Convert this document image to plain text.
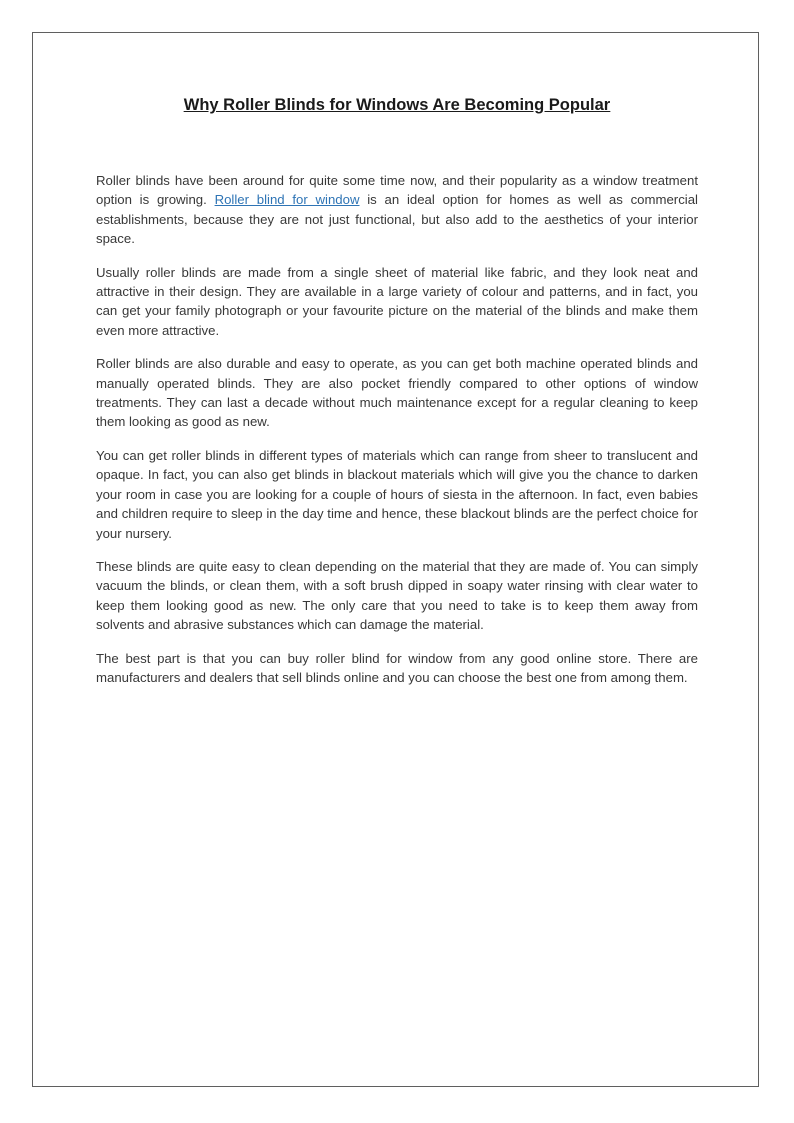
Why Roller Blinds for Windows Are Becoming Popular

Roller blinds have been around for quite some time now, and their popularity as a window treatment option is growing. Roller blind for window is an ideal option for homes as well as commercial establishments, because they are not just functional, but also add to the aesthetics of your interior space.

Usually roller blinds are made from a single sheet of material like fabric, and they look neat and attractive in their design. They are available in a large variety of colour and patterns, and in fact, you can get your family photograph or your favourite picture on the material of the blinds and make them even more attractive.

Roller blinds are also durable and easy to operate, as you can get both machine operated blinds and manually operated blinds. They are also pocket friendly compared to other options of window treatments. They can last a decade without much maintenance except for a regular cleaning to keep them looking as good as new.

You can get roller blinds in different types of materials which can range from sheer to translucent and opaque. In fact, you can also get blinds in blackout materials which will give you the chance to darken your room in case you are looking for a couple of hours of siesta in the afternoon. In fact, even babies and children require to sleep in the day time and hence, these blackout blinds are the perfect choice for your nursery.

These blinds are quite easy to clean depending on the material that they are made of. You can simply vacuum the blinds, or clean them, with a soft brush dipped in soapy water rinsing with clear water to keep them looking good as new. The only care that you need to take is to keep them away from solvents and abrasive substances which can damage the material.

The best part is that you can buy roller blind for window from any good online store. There are manufacturers and dealers that sell blinds online and you can choose the best one from among them.
